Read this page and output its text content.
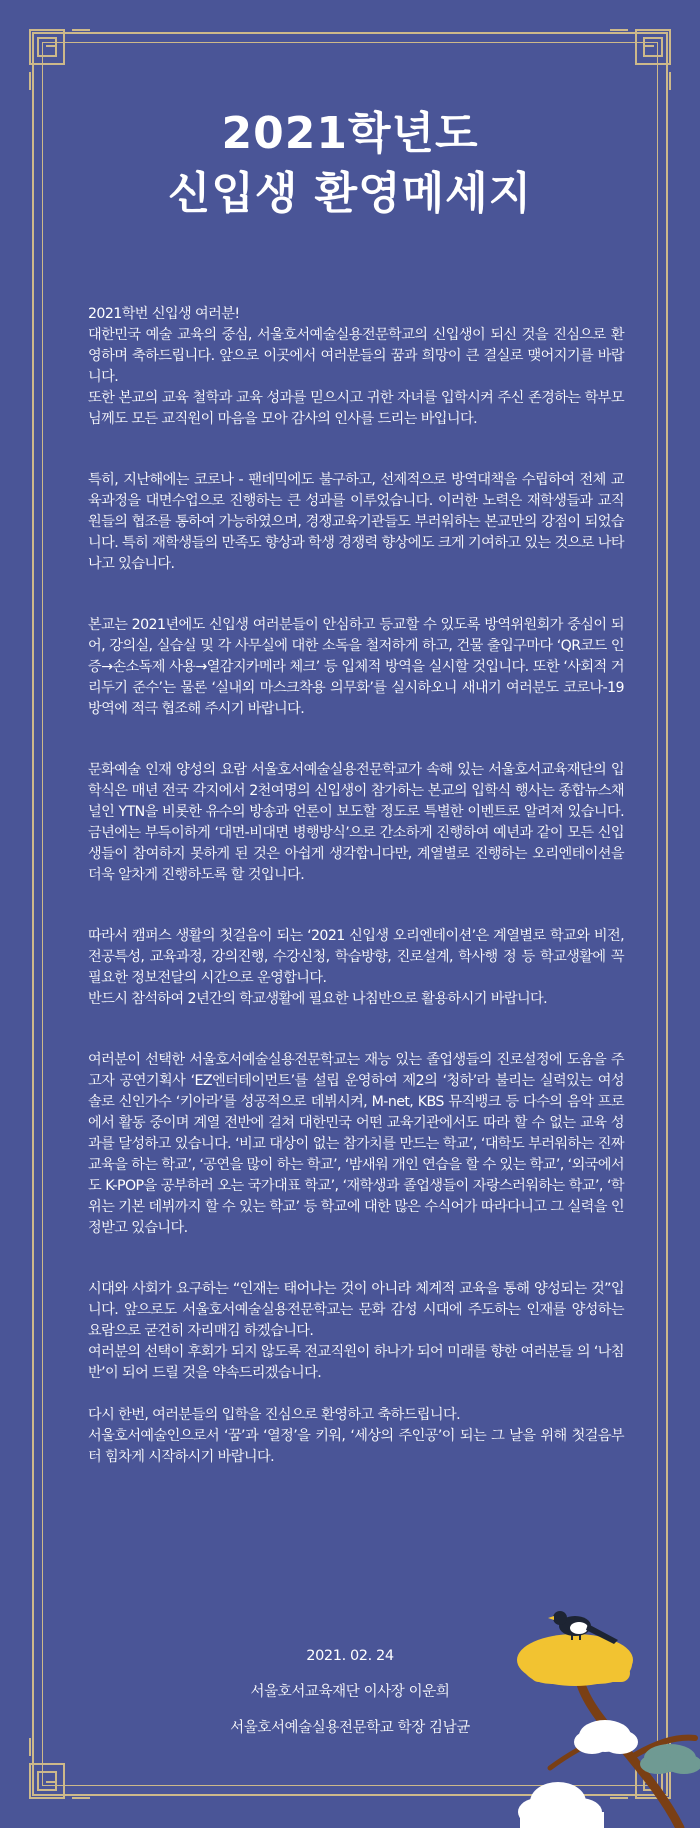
2021학년도
신입생 환영메세지

2021학번 신입생 여러분!
대한민국 예술 교육의 중심, 서울호서예술실용전문학교의 신입생이 되신 것을 진심으로 환영하며 축하드립니다. 앞으로 이곳에서 여러분들의 꿈과 희망이 큰 결실로 맺어지기를 바랍니다.
또한 본교의 교육 철학과 교육 성과를 믿으시고 귀한 자녀를 입학시켜 주신 존경하는 학부모님께도 모든 교직원이 마음을 모아 감사의 인사를 드리는 바입니다.

특히, 지난해에는 코로나 - 팬데믹에도 불구하고, 선제적으로 방역대책을 수립하여 전체 교육과정을 대면수업으로 진행하는 큰 성과를 이루었습니다. 이러한 노력은 재학생들과 교직원들의 협조를 통하여 가능하였으며, 경쟁교육기관들도 부러워하는 본교만의 강점이 되었습니다. 특히 재학생들의 만족도 향상과 학생 경쟁력 향상에도 크게 기여하고 있는 것으로 나타나고 있습니다.

본교는 2021년에도 신입생 여러분들이 안심하고 등교할 수 있도록 방역위원회가 중심이 되어, 강의실, 실습실 및 각 사무실에 대한 소독을 철저하게 하고, 건물 출입구마다 ‘QR코드 인증→손소독제 사용→열감지카메라 체크’ 등 입체적 방역을 실시할 것입니다. 또한 ‘사회적 거리두기 준수’는 물론 ‘실내외 마스크착용 의무화’를 실시하오니 새내기 여러분도 코로나-19방역에 적극 협조해 주시기 바랍니다.

문화예술 인재 양성의 요람 서울호서예술실용전문학교가 속해 있는 서울호서교육재단의 입학식은 매년 전국 각지에서 2천여명의 신입생이 참가하는 본교의 입학식 행사는 종합뉴스채널인 YTN을 비롯한 유수의 방송과 언론이 보도할 정도로 특별한 이벤트로 알려져 있습니다. 금년에는 부득이하게 ‘대면-비대면 병행방식’으로 간소하게 진행하여 예년과 같이 모든 신입생들이 참여하지 못하게 된 것은 아쉽게 생각합니다만, 계열별로 진행하는 오리엔테이션을 더욱 알차게 진행하도록 할 것입니다.

따라서 캠퍼스 생활의 첫걸음이 되는 ‘2021 신입생 오리엔테이션’은 계열별로 학교와 비전, 전공특성, 교육과정, 강의진행, 수강신청, 학습방향, 진로설계, 학사행 정 등 학교생활에 꼭 필요한 정보전달의 시간으로 운영합니다.
반드시 참석하여 2년간의 학교생활에 필요한 나침반으로 활용하시기 바랍니다.

여러분이 선택한 서울호서예술실용전문학교는 재능 있는 졸업생들의 진로설정에 도움을 주고자 공연기획사 ‘EZ엔터테이먼트’를 설립 운영하여 제2의 ‘청하’라 불리는 실력있는 여성 솔로 신인가수 ‘키아라’를 성공적으로 데뷔시켜, M-net, KBS 뮤직뱅크 등 다수의 음악 프로에서 활동 중이며 계열 전반에 걸쳐 대한민국 어떤 교육기관에서도 따라 할 수 없는 교육 성과를 달성하고 있습니다. ‘비교 대상이 없는 참가치를 만드는 학교’, ‘대학도 부러워하는 진짜 교육을 하는 학교’, ‘공연을 많이 하는 학교’, ‘밤새워 개인 연습을 할 수 있는 학교’, ‘외국에서도 K-POP을 공부하러 오는 국가대표 학교’, ‘재학생과 졸업생들이 자랑스러워하는 학교’, ‘학위는 기본 데뷔까지 할 수 있는 학교’ 등 학교에 대한 많은 수식어가 따라다니고 그 실력을 인정받고 있습니다.

시대와 사회가 요구하는 “인재는 태어나는 것이 아니라 체계적 교육을 통해 양성되는 것”입니다. 앞으로도 서울호서예술실용전문학교는 문화 감성 시대에 주도하는 인재를 양성하는 요람으로 굳건히 자리매김 하겠습니다.
여러분의 선택이 후회가 되지 않도록 전교직원이 하나가 되어 미래를 향한 여러분들 의 ‘나침반’이 되어 드릴 것을 약속드리겠습니다.

다시 한번, 여러분들의 입학을 진심으로 환영하고 축하드립니다.
서울호서예술인으로서 ‘꿈’과 ‘열정’을 키워, ‘세상의 주인공’이 되는 그 날을 위해 첫걸음부터 힘차게 시작하시기 바랍니다.

2021. 02. 24
서울호서교육재단 이사장 이운희
서울호서예술실용전문학교 학장 김남균
